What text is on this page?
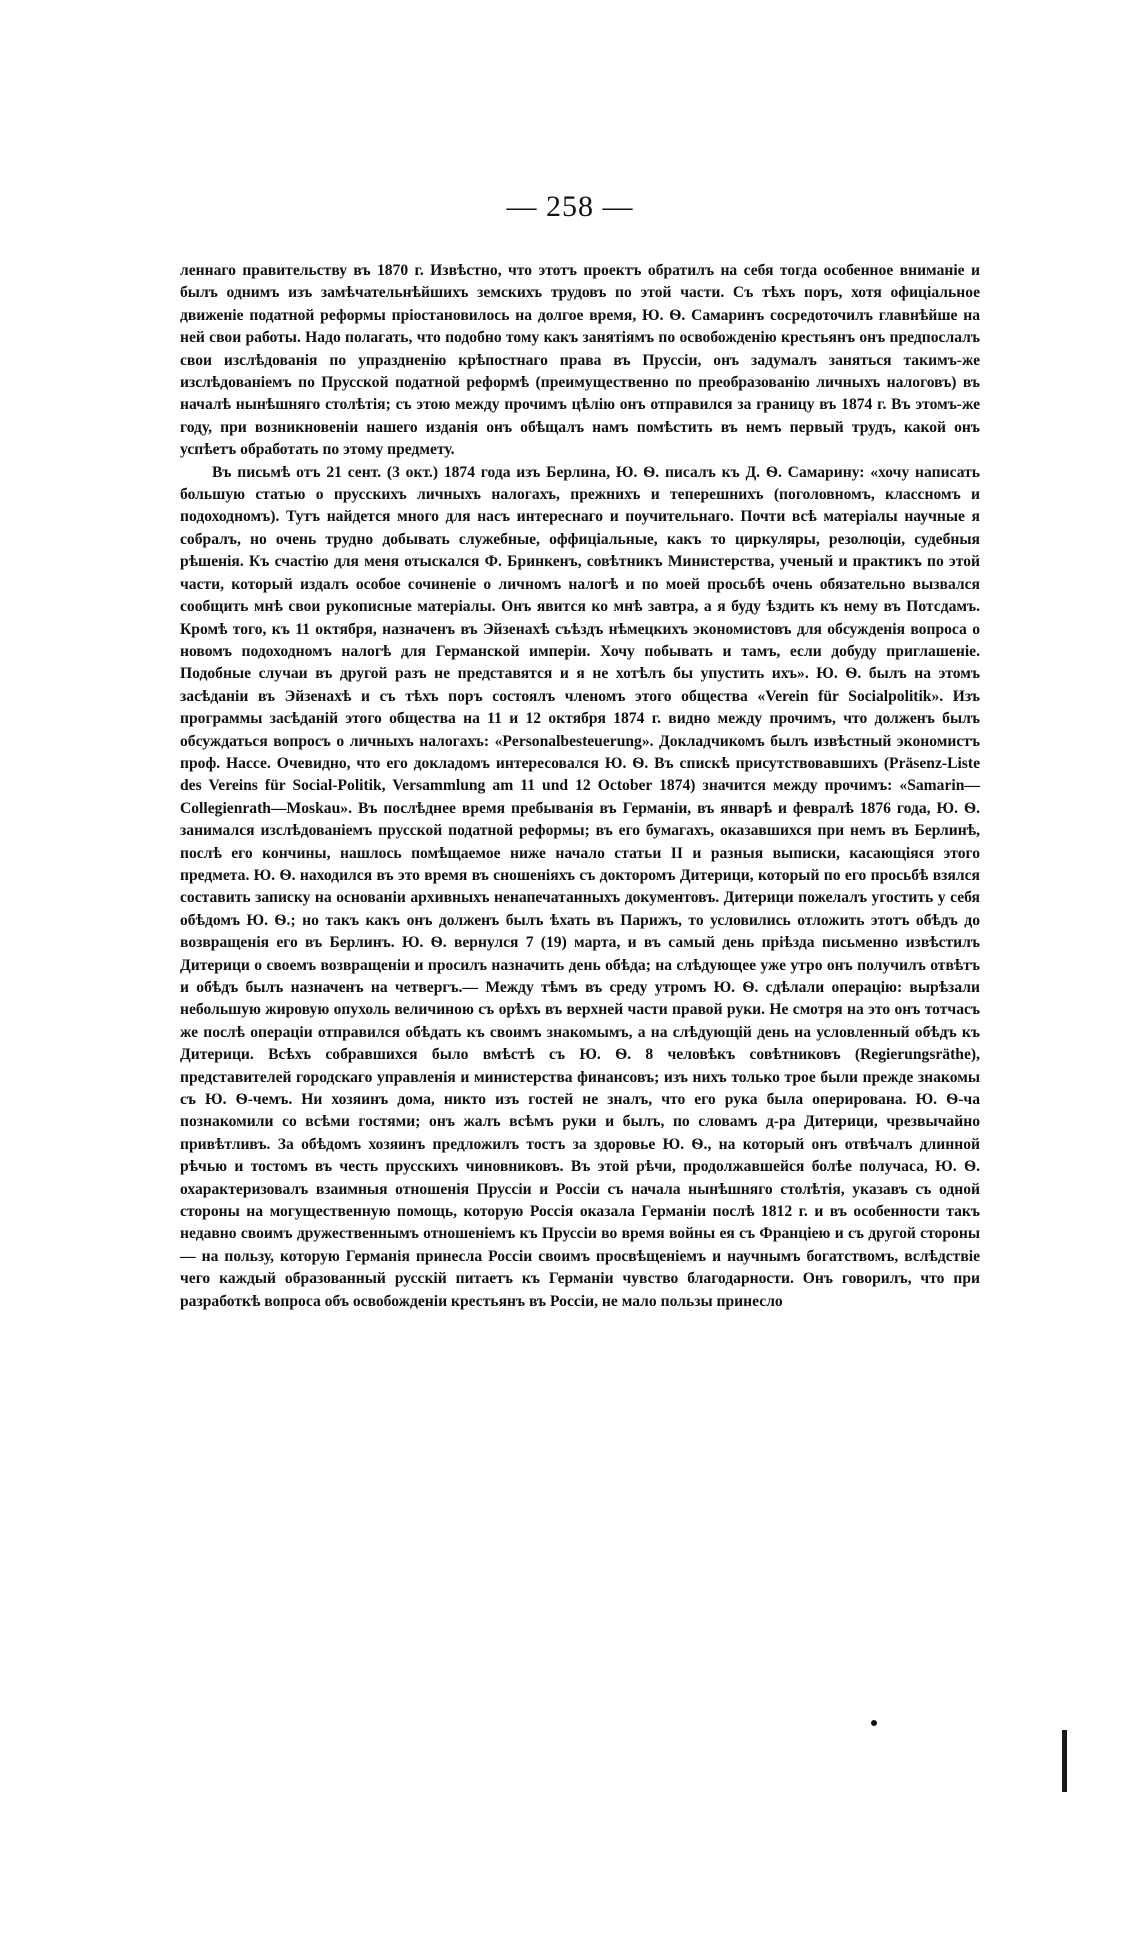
— 258 —

леннаго правительству въ 1870 г. Извѣстно, что этотъ проектъ обратилъ на себя тогда особенное вниманіе и былъ однимъ изъ замѣчательнѣйшихъ земскихъ трудовъ по этой части. Съ тѣхъ поръ, хотя офиціальное движеніе податной реформы пріостановилось на долгое время, Ю. Ѳ. Самаринъ сосредоточилъ главнѣйше на ней свои работы. Надо полагать, что подобно тому какъ занятіямъ по освобожденію крестьянъ онъ предпослалъ свои изслѣдованія по упраздненію крѣпостнаго права въ Пруссіи, онъ задумалъ заняться такимъ-же изслѣдованіемъ по Прусской податной реформѣ (преимущественно по преобразованію личныхъ налоговъ) въ началѣ нынѣшняго столѣтія; съ этою между прочимъ цѣлію онъ отправился за границу въ 1874 г. Въ этомъ-же году, при возникновеніи нашего изданія онъ обѣщалъ намъ помѣстить въ немъ первый трудъ, какой онъ успѣетъ обработать по этому предмету.

Въ письмѣ отъ 21 сент. (3 окт.) 1874 года изъ Берлина, Ю. Ѳ. писалъ къ Д. Ѳ. Самарину: «хочу написать большую статью о прусскихъ личныхъ налогахъ, прежнихъ и теперешнихъ (поголовномъ, классномъ и подоходномъ). Тутъ найдется много для насъ интереснаго и поучительнаго. Почти всѣ матеріалы научные я собралъ, но очень трудно добывать служебные, оффиціальные, какъ то циркуляры, резолюціи, судебныя рѣшенія. Къ счастію для меня отыскался Ф. Бринкенъ, совѣтникъ Министерства, ученый и практикъ по этой части, который издалъ особое сочиненіе о личномъ налогѣ и по моей просьбѣ очень обязательно вызвался сообщить мнѣ свои рукописные матеріалы. Онъ явится ко мнѣ завтра, а я буду ѣздить къ нему въ Потсдамъ. Кромѣ того, къ 11 октября, назначенъ въ Эйзенахѣ съѣздъ нѣмецкихъ экономистовъ для обсужденія вопроса о новомъ подоходномъ налогѣ для Германской имперіи. Хочу побывать и тамъ, если добуду приглашеніе. Подобные случаи въ другой разъ не представятся и я не хотѣлъ бы упустить ихъ». Ю. Ѳ. былъ на этомъ засѣданіи въ Эйзенахѣ и съ тѣхъ поръ состоялъ членомъ этого общества «Verein für Socialpolitik». Изъ программы засѣданій этого общества на 11 и 12 октября 1874 г. видно между прочимъ, что долженъ былъ обсуждаться вопросъ о личныхъ налогахъ: «Personalbesteuerung». Докладчикомъ былъ извѣстный экономистъ проф. Нассе. Очевидно, что его докладомъ интересовался Ю. Ѳ. Въ спискѣ присутствовавшихъ (Präsenz-Liste des Vereins für Social-Politik, Versammlung am 11 und 12 October 1874) значится между прочимъ: «Samarin—Collegienrath—Moskau». Въ послѣднее время пребыванія въ Германіи, въ январѣ и февралѣ 1876 года, Ю. Ѳ. занимался изслѣдованіемъ прусской податной реформы; въ его бумагахъ, оказавшихся при немъ въ Берлинѣ, послѣ его кончины, нашлось помѣщаемое ниже начало статьи II и разныя выписки, касающіяся этого предмета. Ю. Ѳ. находился въ это время въ сношеніяхъ съ докторомъ Дитерици, который по его просьбѣ взялся составить записку на основаніи архивныхъ ненапечатанныхъ документовъ. Дитерици пожелалъ угостить у себя обѣдомъ Ю. Ѳ.; но такъ какъ онъ долженъ былъ ѣхать въ Парижъ, то условились отложить этотъ обѣдъ до возвращенія его въ Берлинъ. Ю. Ѳ. вернулся 7 (19) марта, и въ самый день пріѣзда письменно извѣстилъ Дитерици о своемъ возвращеніи и просилъ назначить день обѣда; на слѣдующее уже утро онъ получилъ отвѣтъ и обѣдъ былъ назначенъ на четвергъ.— Между тѣмъ въ среду утромъ Ю. Ѳ. сдѣлали операцію: вырѣзали небольшую жировую опухоль величиною съ орѣхъ въ верхней части правой руки. Не смотря на это онъ тотчасъ же послѣ операціи отправился обѣдать къ своимъ знакомымъ, а на слѣдующій день на условленный обѣдъ къ Дитерици. Всѣхъ собравшихся было вмѣстѣ съ Ю. Ѳ. 8 человѣкъ совѣтниковъ (Regierungsräthe), представителей городскаго управленія и министерства финансовъ; изъ нихъ только трое были прежде знакомы съ Ю. Ѳ-чемъ. Ни хозяинъ дома, никто изъ гостей не зналъ, что его рука была оперирована. Ю. Ѳ-ча познакомили со всѣми гостями; онъ жалъ всѣмъ руки и былъ, по словамъ д-ра Дитерици, чрезвычайно привѣтливъ. За обѣдомъ хозяинъ предложилъ тостъ за здоровье Ю. Ѳ., на который онъ отвѣчалъ длинной рѣчью и тостомъ въ честь прусскихъ чиновниковъ. Въ этой рѣчи, продолжавшейся болѣе получаса, Ю. Ѳ. охарактеризовалъ взаимныя отношенія Пруссіи и Россіи съ начала нынѣшняго столѣтія, указавъ съ одной стороны на могущественную помощь, которую Россія оказала Германіи послѣ 1812 г. и въ особенности такъ недавно своимъ дружественнымъ отношеніемъ къ Пруссіи во время войны ея съ Франціею и съ другой стороны — на пользу, которую Германія принесла Россіи своимъ просвѣщеніемъ и научнымъ богатствомъ, вслѣдствіе чего каждый образованный русскій питаетъ къ Германіи чувство благодарности. Онъ говорилъ, что при разработкѣ вопроса объ освобожденіи крестьянъ въ Россіи, не мало пользы принесло
